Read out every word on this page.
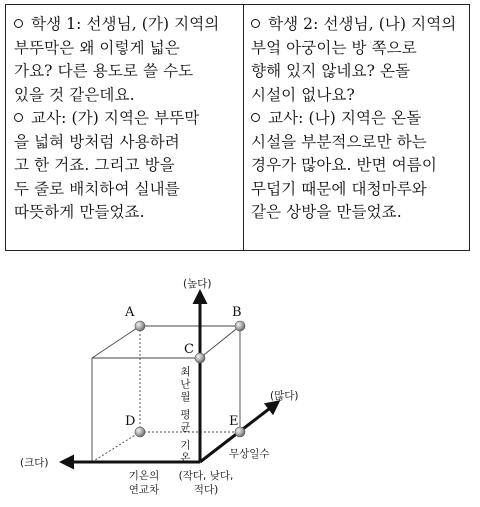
학생 1: 선생님, (가) 지역의
부뚜막은 왜 이렇게 넓은
가요? 다른 용도로 쓸 수도
있을 것 같은데요.
교사: (가) 지역은 부뚜막
을 넓혀 방처럼 사용하려
고 한 거죠. 그리고 방을
두 줄로 배치하여 실내를
따뜻하게 만들었죠.
학생 2: 선생님, (나) 지역의
부엌 아궁이는 방 쪽으로
향해 있지 않네요? 온돌
시설이 없나요?
교사: (나) 지역은 온돌
시설을 부분적으로만 하는
경우가 많아요. 반면 여름이
무덥기 때문에 대청마루와
같은 상방을 만들었죠.
A	B
C
D	E
(높다)
(많다)
(크다)	최난월 평균 기온	무상일수
기온의
연교차
(작다, 낮다,
적다)
